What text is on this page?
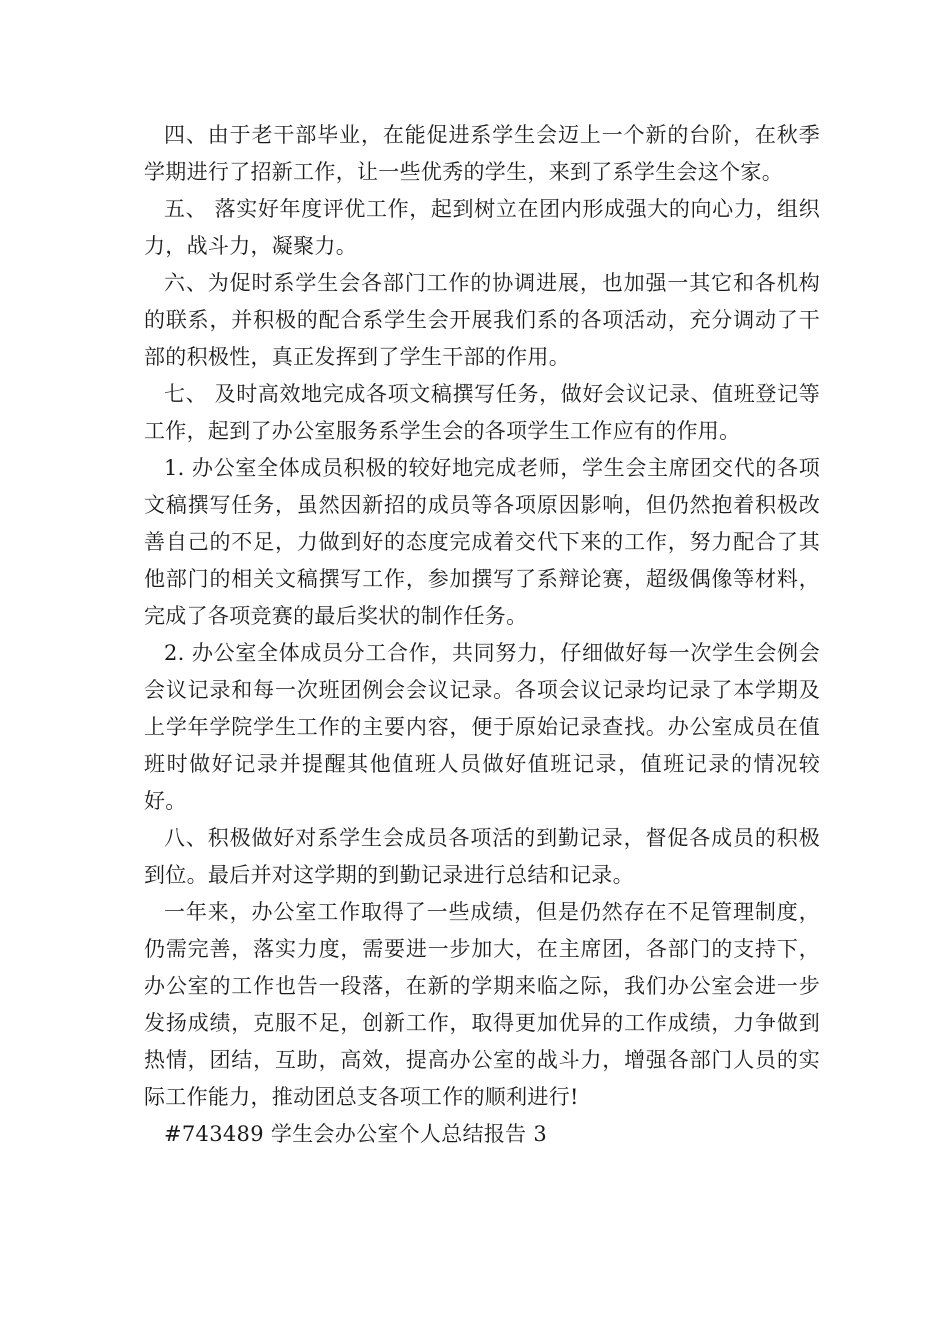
四、由于老干部毕业，在能促进系学生会迈上一个新的台阶，在秋季学期进行了招新工作，让一些优秀的学生，来到了系学生会这个家。

五、 落实好年度评优工作，起到树立在团内形成强大的向心力，组织力，战斗力，凝聚力。

六、为促时系学生会各部门工作的协调进展，也加强一其它和各机构的联系，并积极的配合系学生会开展我们系的各项活动，充分调动了干部的积极性，真正发挥到了学生干部的作用。

七、 及时高效地完成各项文稿撰写任务，做好会议记录、值班登记等工作，起到了办公室服务系学生会的各项学生工作应有的作用。

1. 办公室全体成员积极的较好地完成老师，学生会主席团交代的各项文稿撰写任务，虽然因新招的成员等各项原因影响，但仍然抱着积极改善自己的不足，力做到好的态度完成着交代下来的工作，努力配合了其他部门的相关文稿撰写工作，参加撰写了系辩论赛，超级偶像等材料，完成了各项竞赛的最后奖状的制作任务。

2. 办公室全体成员分工合作，共同努力，仔细做好每一次学生会例会会议记录和每一次班团例会会议记录。各项会议记录均记录了本学期及上学年学院学生工作的主要内容，便于原始记录查找。办公室成员在值班时做好记录并提醒其他值班人员做好值班记录，值班记录的情况较好。

八、积极做好对系学生会成员各项活的到勤记录，督促各成员的积极到位。最后并对这学期的到勤记录进行总结和记录。

一年来，办公室工作取得了一些成绩，但是仍然存在不足管理制度，仍需完善，落实力度，需要进一步加大，在主席团，各部门的支持下，办公室的工作也告一段落，在新的学期来临之际，我们办公室会进一步发扬成绩，克服不足，创新工作，取得更加优异的工作成绩，力争做到热情，团结，互助，高效，提高办公室的战斗力，增强各部门人员的实际工作能力，推动团总支各项工作的顺利进行!

#743489 学生会办公室个人总结报告 3
